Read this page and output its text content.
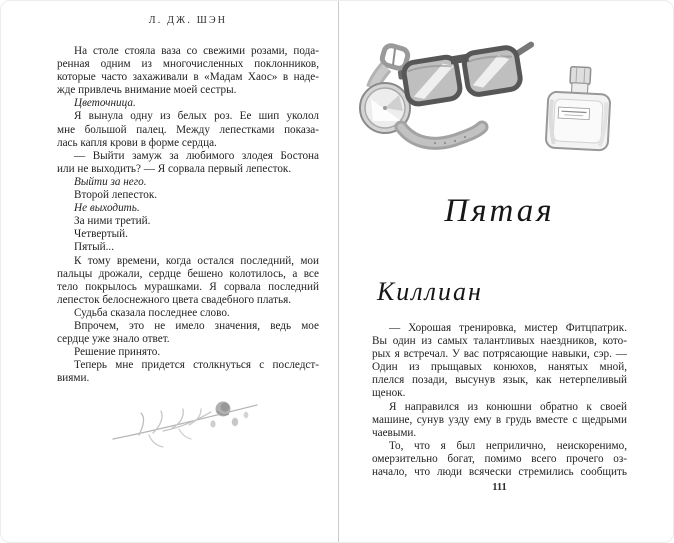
Л. ДЖ. ШЭН
На столе стояла ваза со свежими розами, пода-
ренная одним из многочисленных поклонников,
которые часто захаживали в «Мадам Хаос» в наде-
жде привлечь внимание моей сестры.
Цветочница.
Я вынула одну из белых роз. Ее шип уколол
мне большой палец. Между лепестками показа-
лась капля крови в форме сердца.
— Выйти замуж за любимого злодея Бостона
или не выходить? — Я сорвала первый лепесток.
Выйти за него.
Второй лепесток.
Не выходить.
За ними третий.
Четвертый.
Пятый...
К тому времени, когда остался последний, мои
пальцы дрожали, сердце бешено колотилось, а все
тело покрылось мурашками. Я сорвала последний
лепесток белоснежного цвета свадебного платья.
Судьба сказала последнее слово.
Впрочем, это не имело значения, ведь мое
сердце уже знало ответ.
Решение принято.
Теперь мне придется столкнуться с последст-
виями.
Пятая
Киллиан
— Хорошая тренировка, мистер Фитцпатрик.
Вы один из самых талантливых наездников, кото-
рых я встречал. У вас потрясающие навыки, сэр. —
Один из прыщавых конюхов, нанятых мной,
плелся позади, высунув язык, как нетерпеливый
щенок.
Я направился из конюшни обратно к своей
машине, сунув узду ему в грудь вместе с щедрыми
чаевыми.
То, что я был неприлично, неискоренимо,
омерзительно богат, помимо всего прочего оз-
начало, что люди всячески стремились сообщить
111
